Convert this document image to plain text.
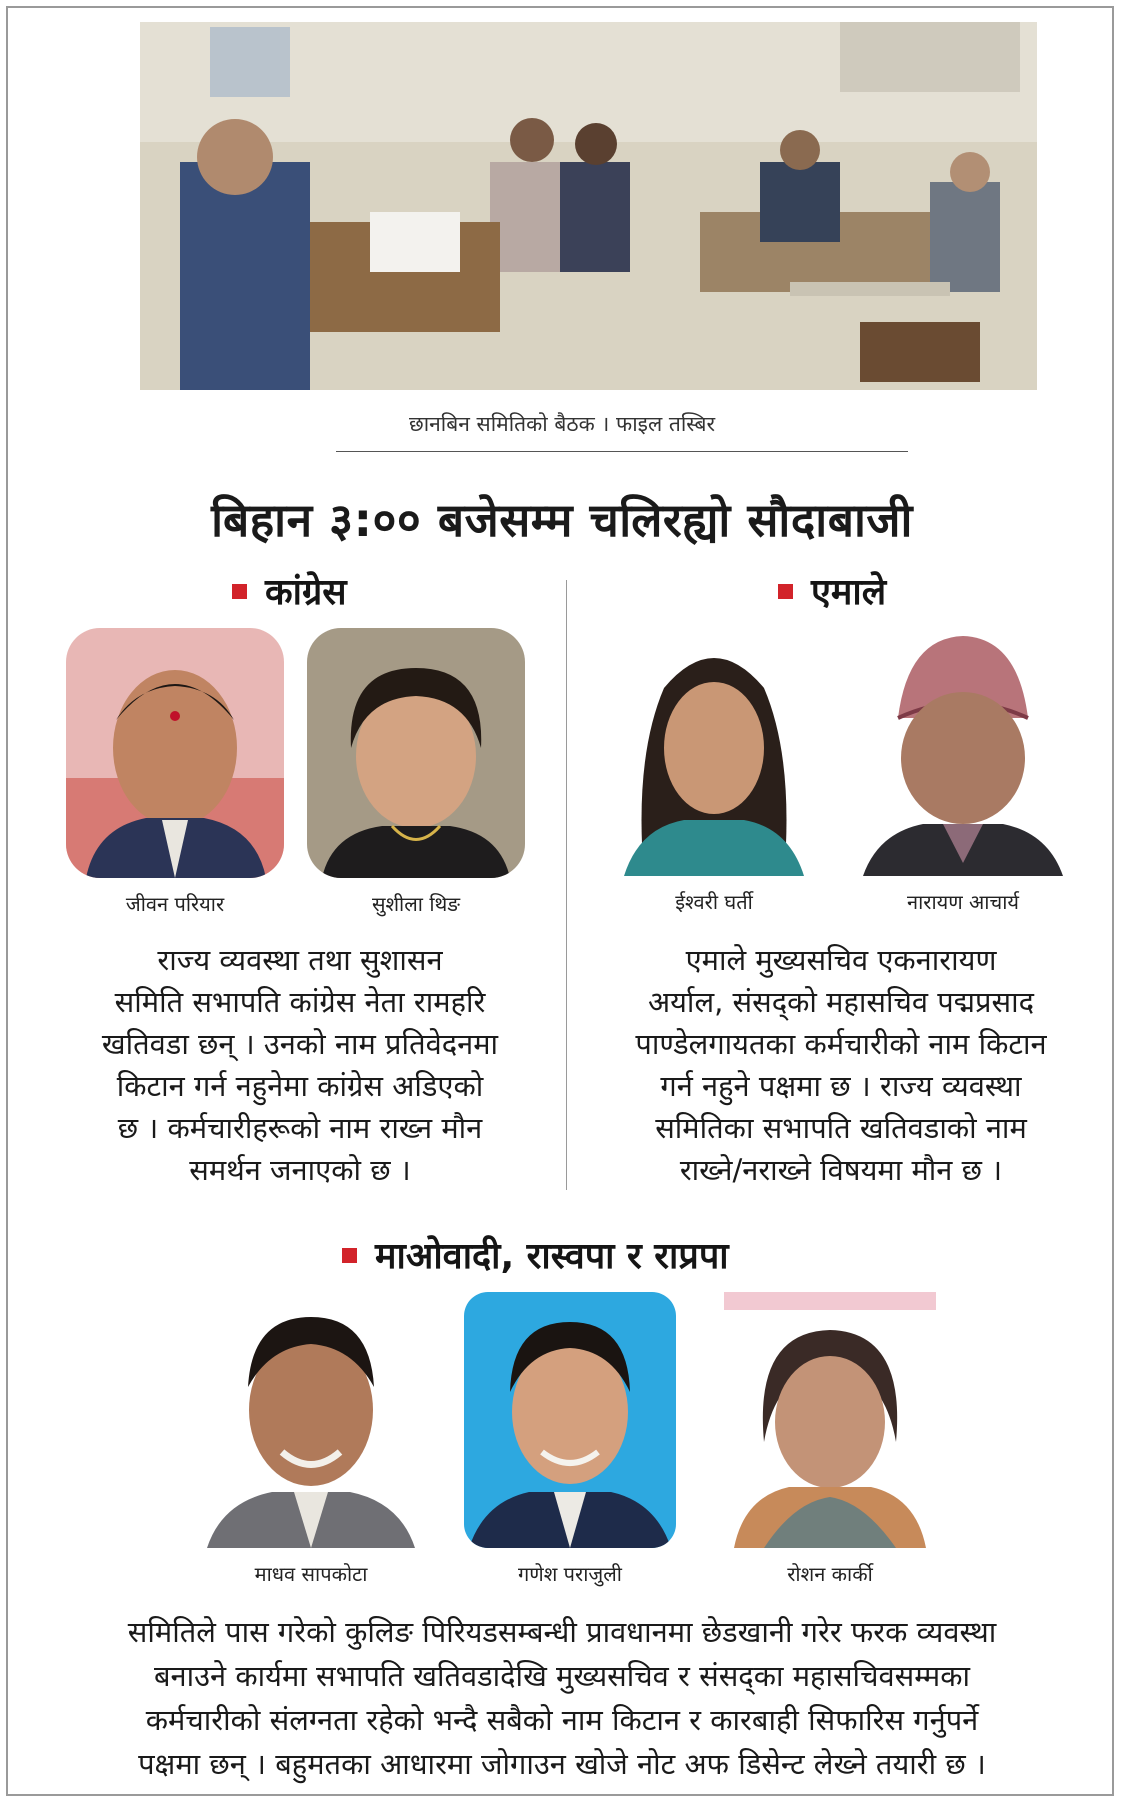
छानबिन समितिको बैठक । फाइल तस्बिर
बिहान ३:०० बजेसम्म चलिरह्यो सौदाबाजी
कांग्रेस
जीवन परियार	सुशीला थिङ
राज्य व्यवस्था तथा सुशासन
समिति सभापति कांग्रेस नेता रामहरि
खतिवडा छन् । उनको नाम प्रतिवेदनमा
किटान गर्न नहुनेमा कांग्रेस अडिएको
छ । कर्मचारीहरूको नाम राख्न मौन
समर्थन जनाएको छ ।
एमाले
ईश्वरी घर्ती	नारायण आचार्य
एमाले मुख्यसचिव एकनारायण
अर्याल, संसद्को महासचिव पद्मप्रसाद
पाण्डेलगायतका कर्मचारीको नाम किटान
गर्न नहुने पक्षमा छ । राज्य व्यवस्था
समितिका सभापति खतिवडाको नाम
राख्ने/नराख्ने विषयमा मौन छ ।
माओवादी, रास्वपा र राप्रपा
माधव सापकोटा	गणेश पराजुली	रोशन कार्की
समितिले पास गरेको कुलिङ पिरियडसम्बन्धी प्रावधानमा छेडखानी गरेर फरक व्यवस्था
बनाउने कार्यमा सभापति खतिवडादेखि मुख्यसचिव र संसद्का महासचिवसम्मका
कर्मचारीको संलग्नता रहेको भन्दै सबैको नाम किटान र कारबाही सिफारिस गर्नुपर्ने
पक्षमा छन् । बहुमतका आधारमा जोगाउन खोजे नोट अफ डिसेन्ट लेख्ने तयारी छ ।
